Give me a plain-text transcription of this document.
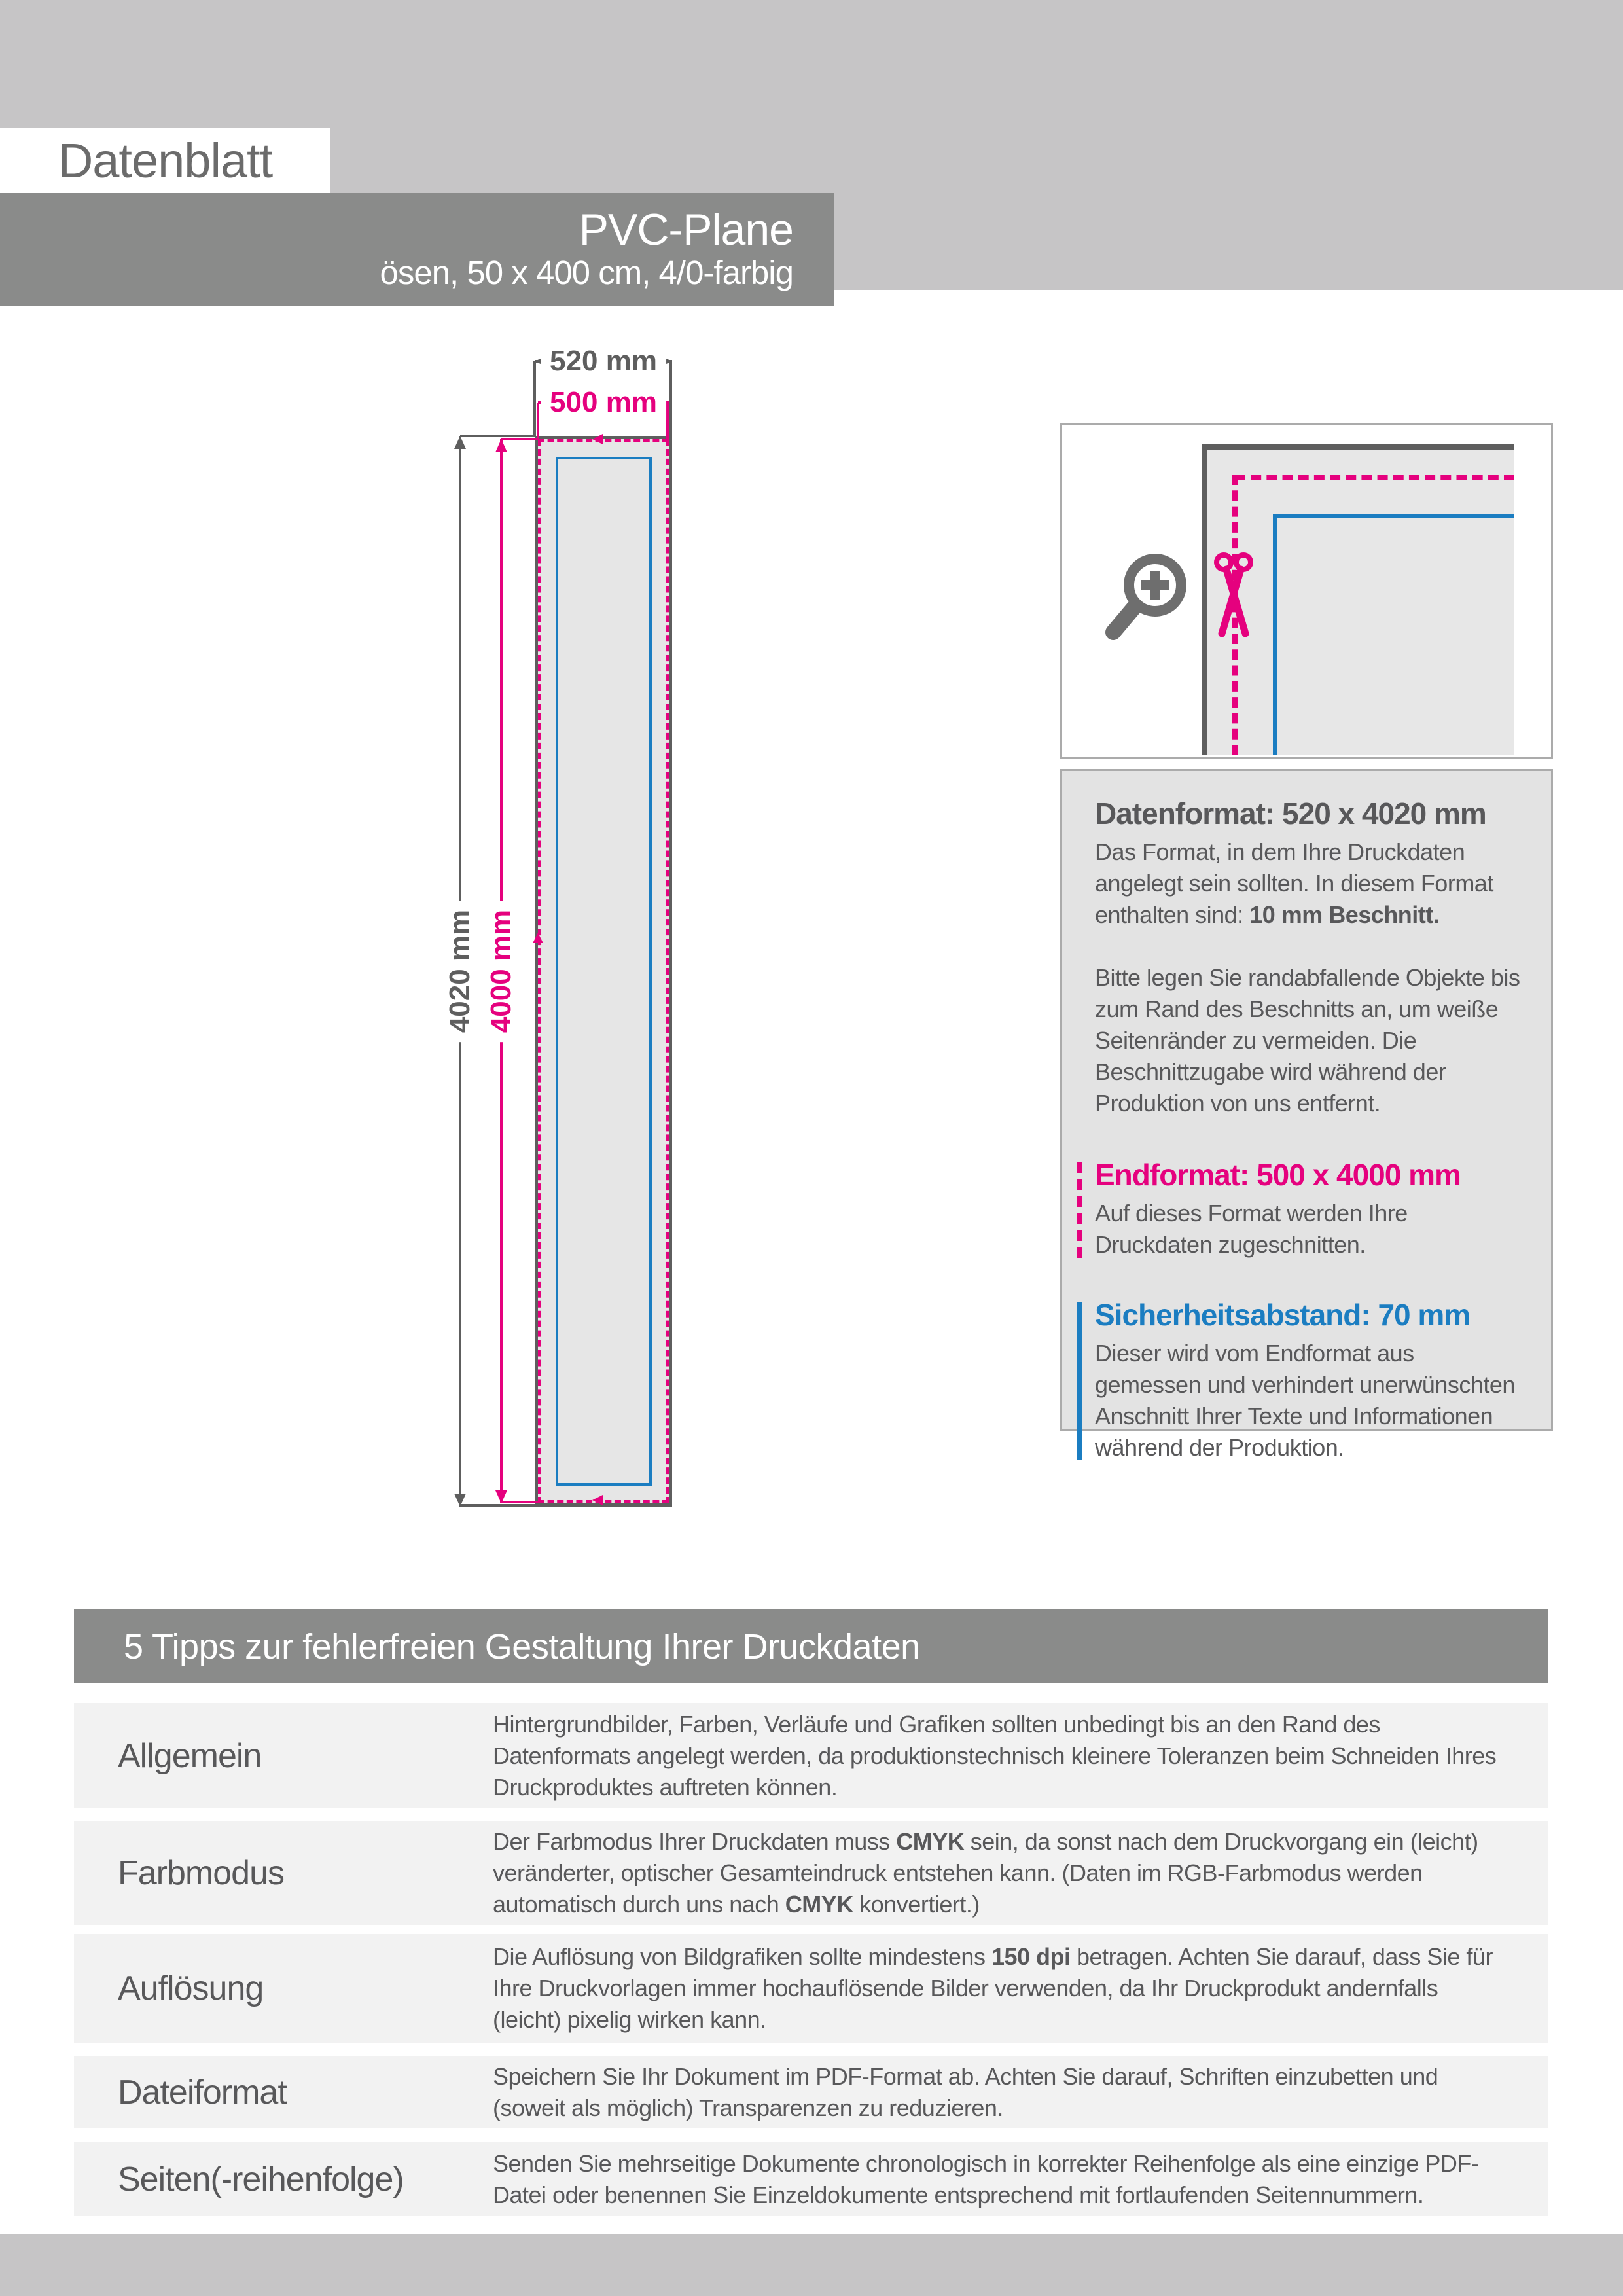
Datenblatt
PVC-Plane
ösen, 50 x 400 cm, 4/0-farbig
520 mm
500 mm
4020 mm 4000 mm
Datenformat: 520 x 4020 mm

Das Format, in dem Ihre Druckdaten angelegt sein sollten. In diesem Format enthalten sind: 10 mm Beschnitt.

Bitte legen Sie randabfallende Objekte bis zum Rand des Beschnitts an, um weiße Seitenränder zu vermeiden. Die Beschnittzugabe wird während der Produktion von uns entfernt.

Endformat: 500 x 4000 mm

Auf dieses Format werden Ihre Druckdaten zugeschnitten.

Sicherheitsabstand: 70 mm

Dieser wird vom Endformat aus gemessen und verhindert unerwünschten Anschnitt Ihrer Texte und Informationen während der Produktion.

5 Tipps zur fehlerfreien Gestaltung Ihrer Druckdaten
Allgemein
Hintergrundbilder, Farben, Verläufe und Grafiken sollten unbedingt bis an den Rand des Datenformats angelegt werden, da produktionstechnisch kleinere Toleranzen beim Schneiden Ihres Druckproduktes auftreten können.
Farbmodus
Der Farbmodus Ihrer Druckdaten muss CMYK sein, da sonst nach dem Druckvorgang ein (leicht) veränderter, optischer Gesamteindruck entstehen kann. (Daten im RGB-Farbmodus werden automatisch durch uns nach CMYK konvertiert.)
Auflösung
Die Auflösung von Bildgrafiken sollte mindestens 150 dpi betragen. Achten Sie darauf, dass Sie für Ihre Druckvorlagen immer hochauflösende Bilder verwenden, da Ihr Druckprodukt andernfalls (leicht) pixelig wirken kann.
Dateiformat	Speichern Sie Ihr Dokument im PDF-Format ab. Achten Sie darauf, Schriften einzubetten und (soweit als möglich) Transparenzen zu reduzieren.
Seiten(-reihenfolge)	Senden Sie mehrseitige Dokumente chronologisch in korrekter Reihenfolge als eine einzige PDF-Datei oder benennen Sie Einzeldokumente entsprechend mit fortlaufenden Seitennummern.
